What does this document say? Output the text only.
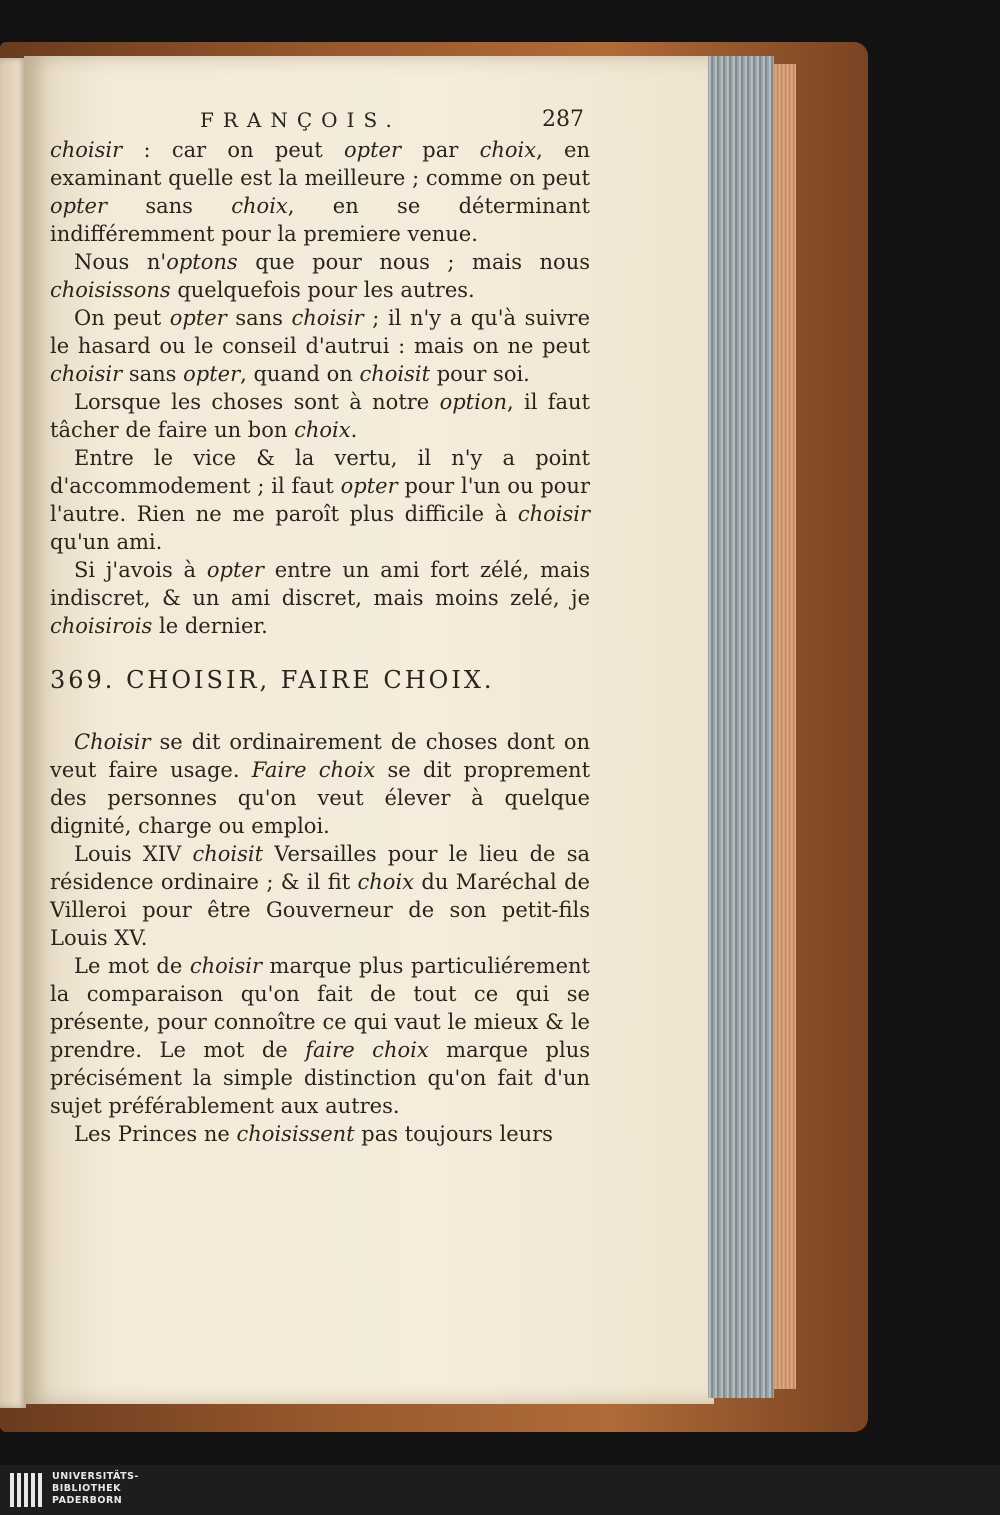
FRANÇOIS.	287

choisir : car on peut opter par choix, en examinant quelle est la meilleure ; comme on peut opter sans choix, en se déterminant indifféremment pour la premiere venue.

Nous n'optons que pour nous ; mais nous choisissons quelquefois pour les autres.

On peut opter sans choisir ; il n'y a qu'à suivre le hasard ou le conseil d'autrui : mais on ne peut choisir sans opter, quand on choisit pour soi.

Lorsque les choses sont à notre option, il faut tâcher de faire un bon choix.

Entre le vice & la vertu, il n'y a point d'accommodement ; il faut opter pour l'un ou pour l'autre. Rien ne me paroît plus difficile à choisir qu'un ami.

Si j'avois à opter entre un ami fort zélé, mais indiscret, & un ami discret, mais moins zelé, je choisirois le dernier.

369. CHOISIR, FAIRE CHOIX.

Choisir se dit ordinairement de choses dont on veut faire usage. Faire choix se dit proprement des personnes qu'on veut élever à quelque dignité, charge ou emploi.

Louis XIV choisit Versailles pour le lieu de sa résidence ordinaire ; & il fit choix du Maréchal de Villeroi pour être Gouverneur de son petit-fils Louis XV.

Le mot de choisir marque plus particuliérement la comparaison qu'on fait de tout ce qui se présente, pour connoître ce qui vaut le mieux & le prendre. Le mot de faire choix marque plus précisément la simple distinction qu'on fait d'un sujet préférablement aux autres.

Les Princes ne choisissent pas toujours leurs

UNIVERSITÄTS-
BIBLIOTHEK
PADERBORN
